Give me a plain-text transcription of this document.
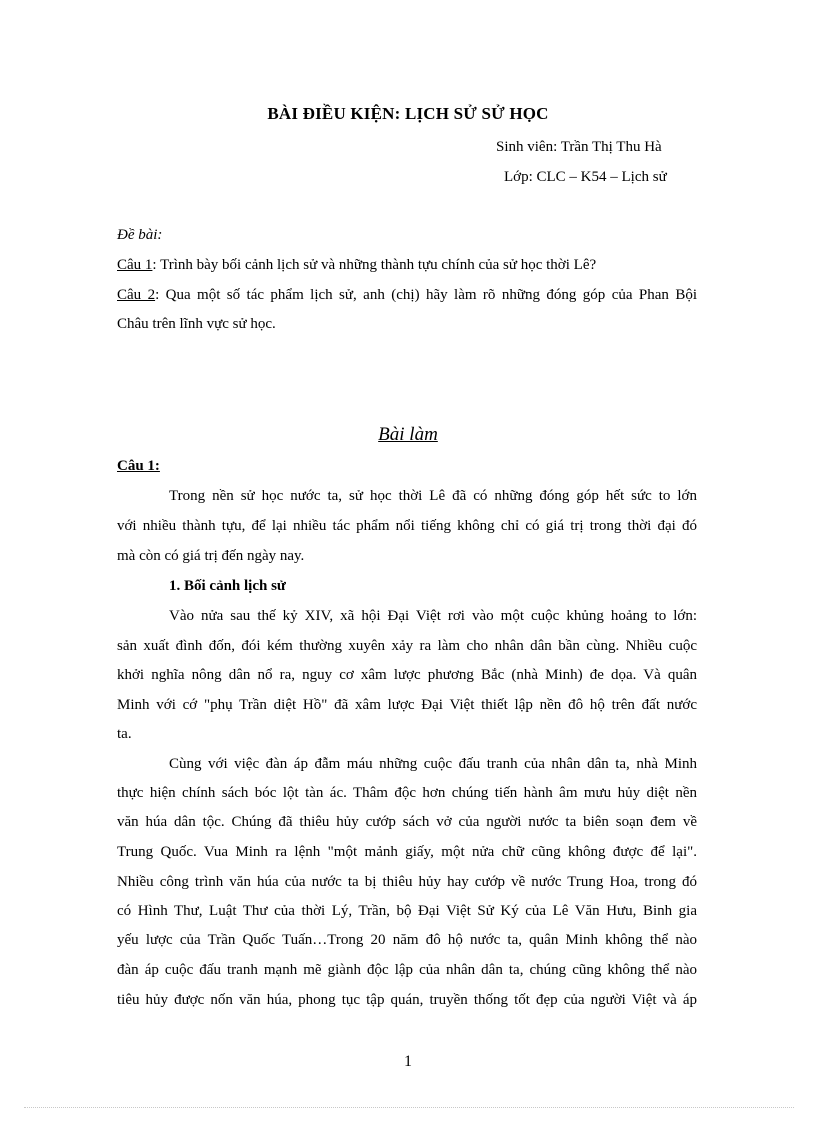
BÀI ĐIỀU KIỆN: LỊCH SỬ SỬ HỌC
Sinh viên: Trần Thị Thu Hà
Lớp: CLC – K54 – Lịch sử
Đề bài:
Câu 1: Trình bày bối cảnh lịch sử và những thành tựu chính của sử học thời Lê?
Câu 2: Qua một số tác phẩm lịch sử, anh (chị) hãy làm rõ những đóng góp của Phan Bội
Châu trên lĩnh vực sử học.
Bài làm
Câu 1:
Trong nền sử học nước ta, sử học thời Lê đã có những đóng góp hết sức to lớn
với nhiều thành tựu, để lại nhiều tác phẩm nổi tiếng không chỉ có giá trị trong thời đại đó
mà còn có giá trị đến ngày nay.
1. Bối cảnh lịch sử
Vào nửa sau thế kỷ XIV, xã hội Đại Việt rơi vào một cuộc khủng hoảng to lớn:
sản xuất đình đốn, đói kém thường xuyên xảy ra làm cho nhân dân bần cùng. Nhiều cuộc
khởi nghĩa nông dân nổ ra, nguy cơ xâm lược phương Bắc (nhà Minh) đe dọa. Và quân
Minh với cớ "phụ Trần diệt Hồ" đã xâm lược Đại Việt thiết lập nền đô hộ trên đất nước
ta.
Cùng với việc đàn áp đẫm máu những cuộc đấu tranh của nhân dân ta, nhà Minh
thực hiện chính sách bóc lột tàn ác. Thâm độc hơn chúng tiến hành âm mưu hủy diệt nền
văn húa dân tộc. Chúng đã thiêu hủy cướp sách vở của người nước ta biên soạn đem về
Trung Quốc. Vua Minh ra lệnh "một mảnh giấy, một nửa chữ cũng không được để lại".
Nhiều công trình văn húa của nước ta bị thiêu hủy hay cướp về nước Trung Hoa, trong đó
có Hình Thư, Luật Thư của thời Lý, Trần, bộ Đại Việt Sử Ký của Lê Văn Hưu, Binh gia
yếu lược của Trần Quốc Tuấn…Trong 20 năm đô hộ nước ta, quân Minh không thể nào
đàn áp cuộc đấu tranh mạnh mẽ giành độc lập của nhân dân ta, chúng cũng không thể nào
tiêu hủy được nốn văn húa, phong tục tập quán, truyền thống tốt đẹp của người Việt và áp
1
